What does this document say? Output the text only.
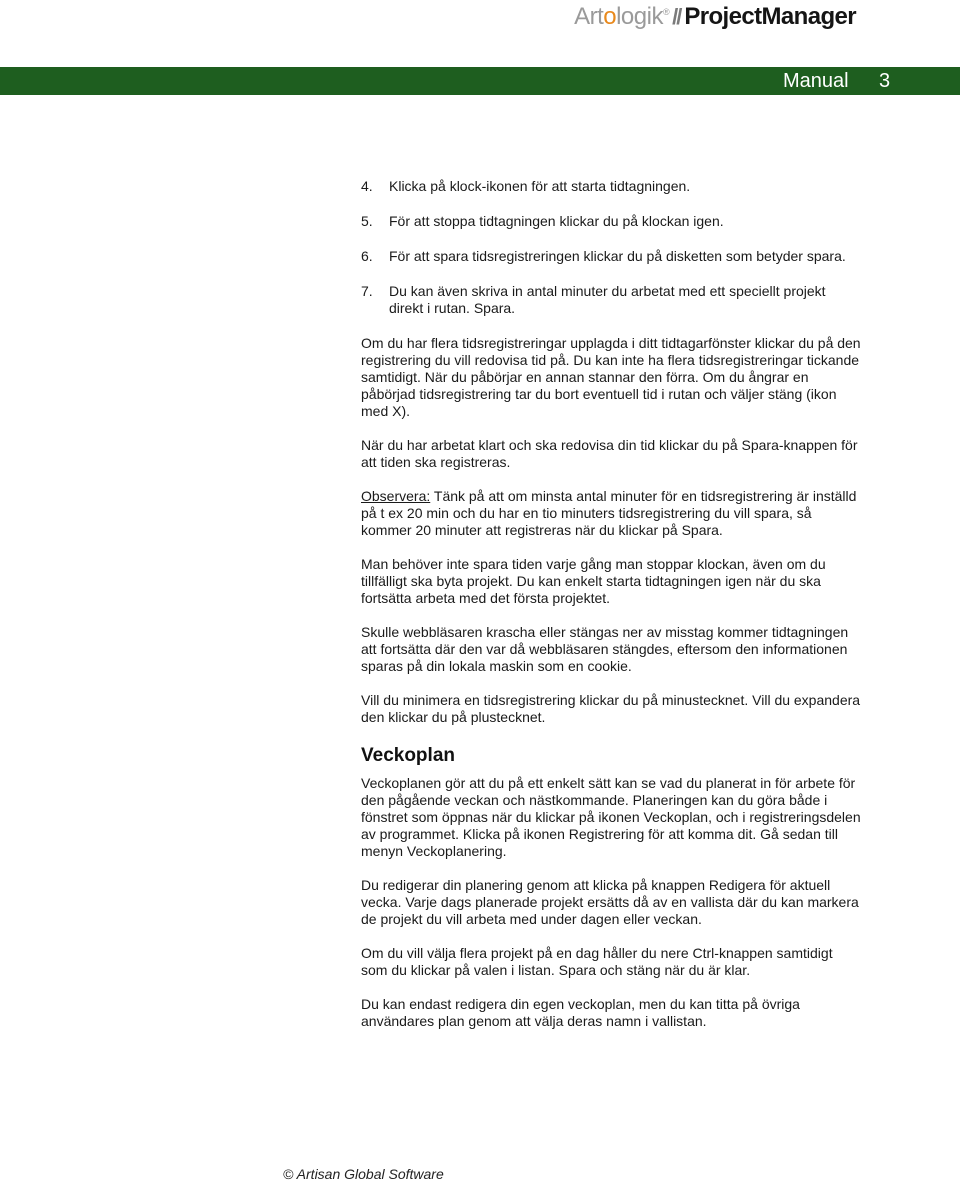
Artologik® // ProjectManager
Manual 3
4. Klicka på klock-ikonen för att starta tidtagningen.
5. För att stoppa tidtagningen klickar du på klockan igen.
6. För att spara tidsregistreringen klickar du på disketten som betyder spara.
7. Du kan även skriva in antal minuter du arbetat med ett speciellt projekt direkt i rutan. Spara.

Om du har flera tidsregistreringar upplagda i ditt tidtagarfönster klickar du på den registrering du vill redovisa tid på. Du kan inte ha flera tidsregistreringar tickande samtidigt. När du påbörjar en annan stannar den förra. Om du ångrar en påbörjad tidsregistrering tar du bort eventuell tid i rutan och väljer stäng (ikon med X).

När du har arbetat klart och ska redovisa din tid klickar du på Spara-knappen för att tiden ska registreras.

Observera: Tänk på att om minsta antal minuter för en tidsregistrering är inställd på t ex 20 min och du har en tio minuters tidsregistrering du vill spara, så kommer 20 minuter att registreras när du klickar på Spara.

Man behöver inte spara tiden varje gång man stoppar klockan, även om du tillfälligt ska byta projekt. Du kan enkelt starta tidtagningen igen när du ska fortsätta arbeta med det första projektet.

Skulle webbläsaren krascha eller stängas ner av misstag kommer tidtagningen att fortsätta där den var då webbläsaren stängdes, eftersom den informationen sparas på din lokala maskin som en cookie.

Vill du minimera en tidsregistrering klickar du på minustecknet. Vill du expandera den klickar du på plustecknet.

Veckoplan

Veckoplanen gör att du på ett enkelt sätt kan se vad du planerat in för arbete för den pågående veckan och nästkommande. Planeringen kan du göra både i fönstret som öppnas när du klickar på ikonen Veckoplan, och i registreringsdelen av programmet. Klicka på ikonen Registrering för att komma dit. Gå sedan till menyn Veckoplanering.

Du redigerar din planering genom att klicka på knappen Redigera för aktuell vecka. Varje dags planerade projekt ersätts då av en vallista där du kan markera de projekt du vill arbeta med under dagen eller veckan.

Om du vill välja flera projekt på en dag håller du nere Ctrl-knappen samtidigt som du klickar på valen i listan. Spara och stäng när du är klar.

Du kan endast redigera din egen veckoplan, men du kan titta på övriga användares plan genom att välja deras namn i vallistan.

© Artisan Global Software
